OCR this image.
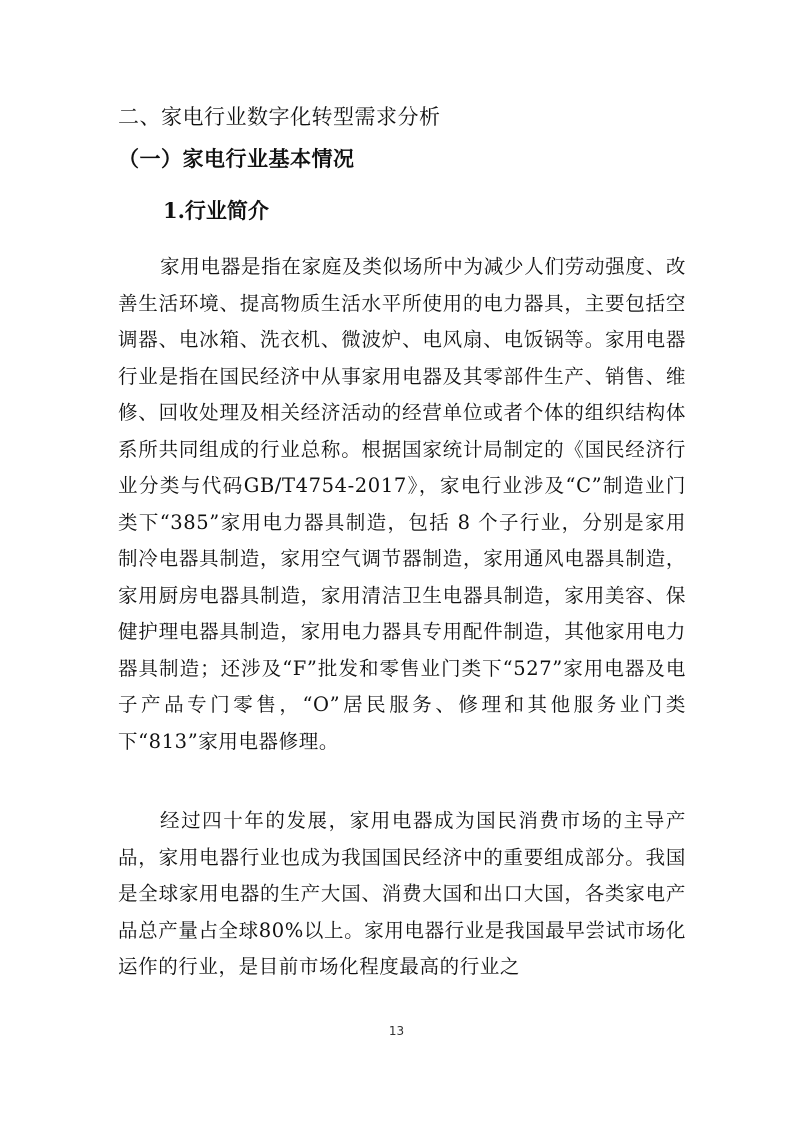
二、家电行业数字化转型需求分析
（一）家电行业基本情况
1.行业简介

家用电器是指在家庭及类似场所中为减少人们劳动强度、改善生活环境、提高物质生活水平所使用的电力器具，主要包括空调器、电冰箱、洗衣机、微波炉、电风扇、电饭锅等。家用电器行业是指在国民经济中从事家用电器及其零部件生产、销售、维修、回收处理及相关经济活动的经营单位或者个体的组织结构体系所共同组成的行业总称。根据国家统计局制定的《国民经济行业分类与代码GB/T4754-2017》，家电行业涉及“C”制造业门类下“385”家用电力器具制造，包括 8 个子行业，分别是家用制冷电器具制造，家用空气调节器制造，家用通风电器具制造，家用厨房电器具制造，家用清洁卫生电器具制造，家用美容、保健护理电器具制造，家用电力器具专用配件制造，其他家用电力器具制造；还涉及“F”批发和零售业门类下“527”家用电器及电子产品专门零售，“O”居民服务、修理和其他服务业门类下“813”家用电器修理。

经过四十年的发展，家用电器成为国民消费市场的主导产品，家用电器行业也成为我国国民经济中的重要组成部分。我国是全球家用电器的生产大国、消费大国和出口大国，各类家电产品总产量占全球80%以上。家用电器行业是我国最早尝试市场化运作的行业，是目前市场化程度最高的行业之

13
